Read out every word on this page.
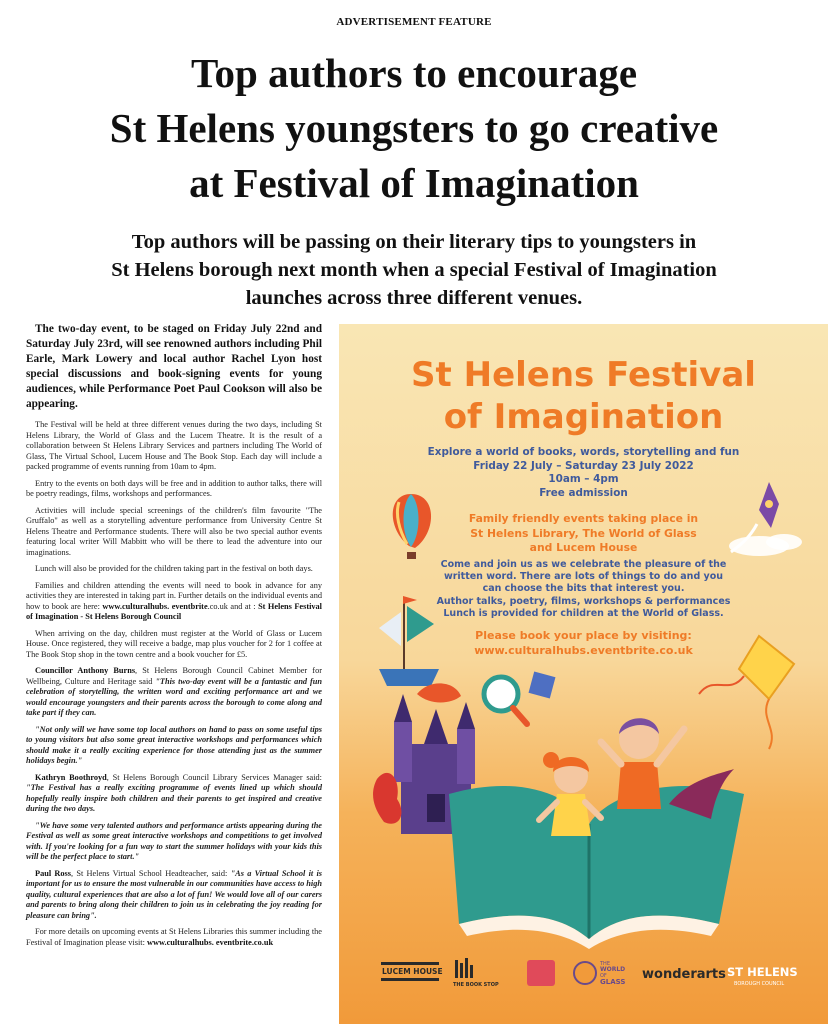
ADVERTISEMENT FEATURE
Top authors to encourage
St Helens youngsters to go creative
at Festival of Imagination

Top authors will be passing on their literary tips to youngsters in
St Helens borough next month when a special Festival of Imagination
launches across three different venues.

The two-day event, to be staged on Friday July 22nd and Saturday July 23rd, will see renowned authors including Phil Earle, Mark Lowery and local author Rachel Lyon host special discussions and book-signing events for young audiences, while Performance Poet Paul Cookson will also be appearing.

The Festival will be held at three different venues during the two days, including St Helens Library, the World of Glass and the Lucem Theatre. It is the result of a collaboration between St Helens Library Services and partners including The World of Glass, The Virtual School, Lucem House and The Book Stop. Each day will include a packed programme of events running from 10am to 4pm.

Entry to the events on both days will be free and in addition to author talks, there will be poetry readings, films, workshops and performances.

Activities will include special screenings of the children's film favourite "The Gruffalo" as well as a storytelling adventure performance from University Centre St Helens Theatre and Performance students. There will also be two special author events featuring local writer Will Mabbitt who will be there to lead the adventure into our imaginations.

Lunch will also be provided for the children taking part in the festival on both days.

Families and children attending the events will need to book in advance for any activities they are interested in taking part in. Further details on the individual events and how to book are here: www.culturalhubs. eventbrite.co.uk and at : St Helens Festival of Imagination - St Helens Borough Council

When arriving on the day, children must register at the World of Glass or Lucem House. Once registered, they will receive a badge, map plus voucher for 2 for 1 coffee at The Book Stop shop in the town centre and a book voucher for £5.

Councillor Anthony Burns, St Helens Borough Council Cabinet Member for Wellbeing, Culture and Heritage said "This two-day event will be a fantastic and fun celebration of storytelling, the written word and exciting performance art and we would encourage youngsters and their parents across the borough to come along and take part if they can.

"Not only will we have some top local authors on hand to pass on some useful tips to young visitors but also some great interactive workshops and performances which should make it a really exciting experience for those attending just as the summer holidays begin."

Kathryn Boothroyd, St Helens Borough Council Library Services Manager said: "The Festival has a really exciting programme of events lined up which should hopefully really inspire both children and their parents to get inspired and creative during the two days.

"We have some very talented authors and performance artists appearing during the Festival as well as some great interactive workshops and competitions to get involved with. If you're looking for a fun way to start the summer holidays with your kids this will be the perfect place to start."

Paul Ross, St Helens Virtual School Headteacher, said: "As a Virtual School it is important for us to ensure the most vulnerable in our communities have access to high quality, cultural experiences that are also a lot of fun! We would love all of our carers and parents to bring along their children to join us in celebrating the joy reading for pleasure can bring".

For more details on upcoming events at St Helens Libraries this summer including the Festival of Imagination please visit: www.culturalhubs. eventbrite.co.uk

St Helens Festival
of Imagination

Explore a world of books, words, storytelling and fun
Friday 22 July – Saturday 23 July 2022
10am – 4pm
Free admission

Family friendly events taking place in
St Helens Library, The World of Glass
and Lucem House

Come and join us as we celebrate the pleasure of the
written word. There are lots of things to do and you
can choose the bits that interest you.
Author talks, poetry, films, workshops & performances
Lunch is provided for children at the World of Glass.

Please book your place by visiting:
www.culturalhubs.eventbrite.co.uk

LUCEM HOUSE
THE BOOK STOP
THE
WORLD
OF
GLASS wonderarts ST HELENS
BOROUGH COUNCIL
